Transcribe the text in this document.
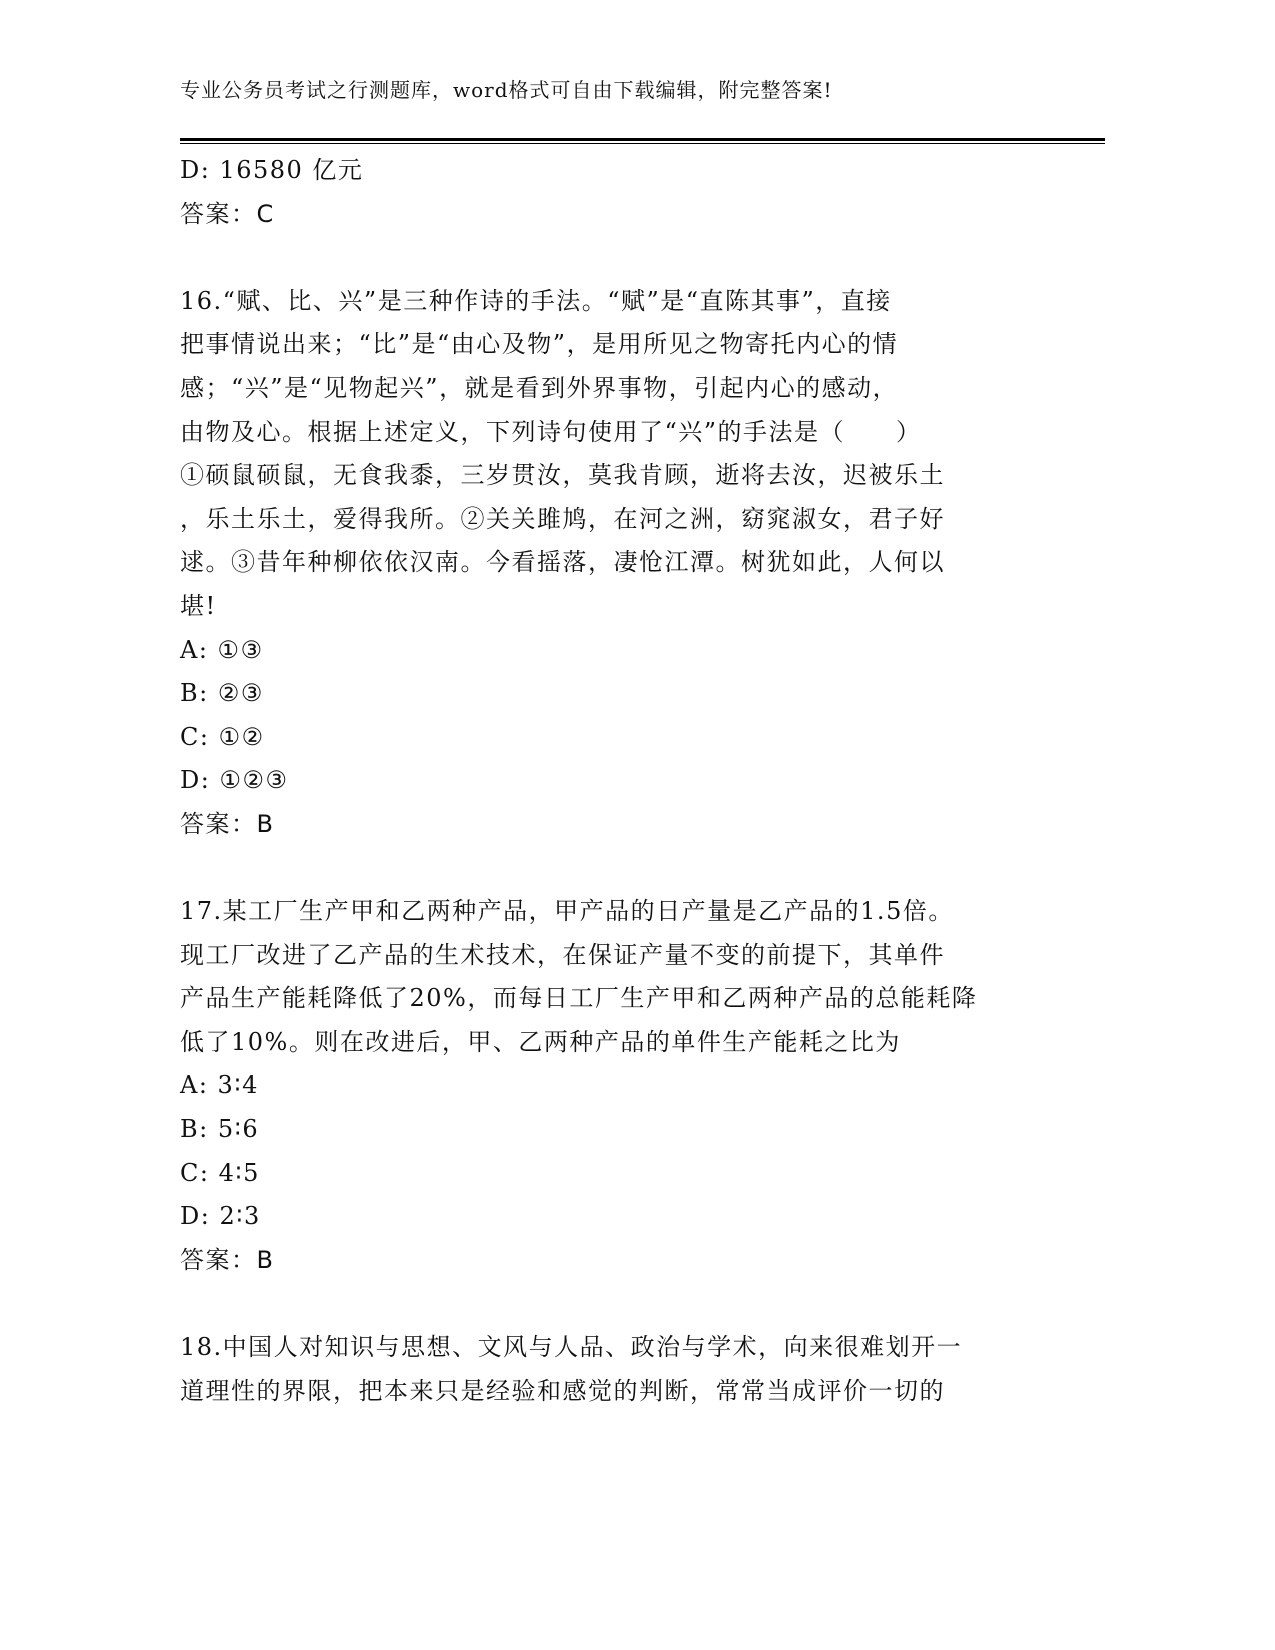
专业公务员考试之行测题库，word格式可自由下载编辑，附完整答案!
D: 16580 亿元
答案：C
16.“赋、比、兴”是三种作诗的手法。“赋”是“直陈其事”，直接
把事情说出来；“比”是“由心及物”，是用所见之物寄托内心的情
感；“兴”是“见物起兴”，就是看到外界事物，引起内心的感动，
由物及心。根据上述定义，下列诗句使用了“兴”的手法是（　　）
①硕鼠硕鼠，无食我黍，三岁贯汝，莫我肯顾，逝将去汝，迟被乐土
，乐土乐土，爱得我所。②关关雎鸠，在河之洲，窈窕淑女，君子好
逑。③昔年种柳依依汉南。今看摇落，凄怆江潭。树犹如此，人何以
堪!
A: ①③
B: ②③
C: ①②
D: ①②③
答案：B
17.某工厂生产甲和乙两种产品，甲产品的日产量是乙产品的1.5倍。
现工厂改进了乙产品的生术技术，在保证产量不变的前提下，其单件
产品生产能耗降低了20%，而每日工厂生产甲和乙两种产品的总能耗降
低了10%。则在改进后，甲、乙两种产品的单件生产能耗之比为
A: 3∶4
B: 5∶6
C: 4∶5
D: 2∶3
答案：B
18.中国人对知识与思想、文风与人品、政治与学术，向来很难划开一
道理性的界限，把本来只是经验和感觉的判断，常常当成评价一切的
